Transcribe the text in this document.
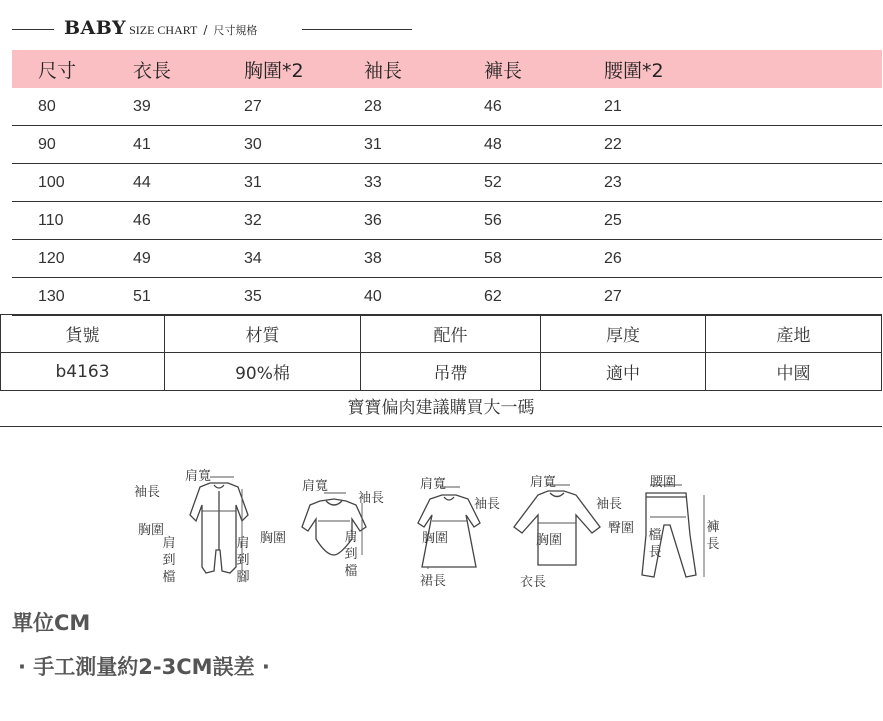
BABY SIZE CHART / 尺寸規格
尺寸	衣長	胸圍*2	袖長	褲長	腰圍*2
80	39	27	28	46	21
90	41	30	31	48	22
100	44	31	33	52	23
110	46	32	36	56	25
120	49	34	38	58	26
130	51	35	40	62	27
貨號	材質	配件	厚度	產地
b4163	90%棉	吊帶	適中	中國
寶寶偏肉建議購買大一碼
肩寬
袖長
胸圍
肩到檔
肩到腳
肩寬
袖長
胸圍	肩到檔
肩寬
袖長
胸圍
裙長
肩寬
袖長
胸圍
衣長
腰圍
臀圍 檔長
褲長
單位CM
· 手工測量約2-3CM誤差 ·
